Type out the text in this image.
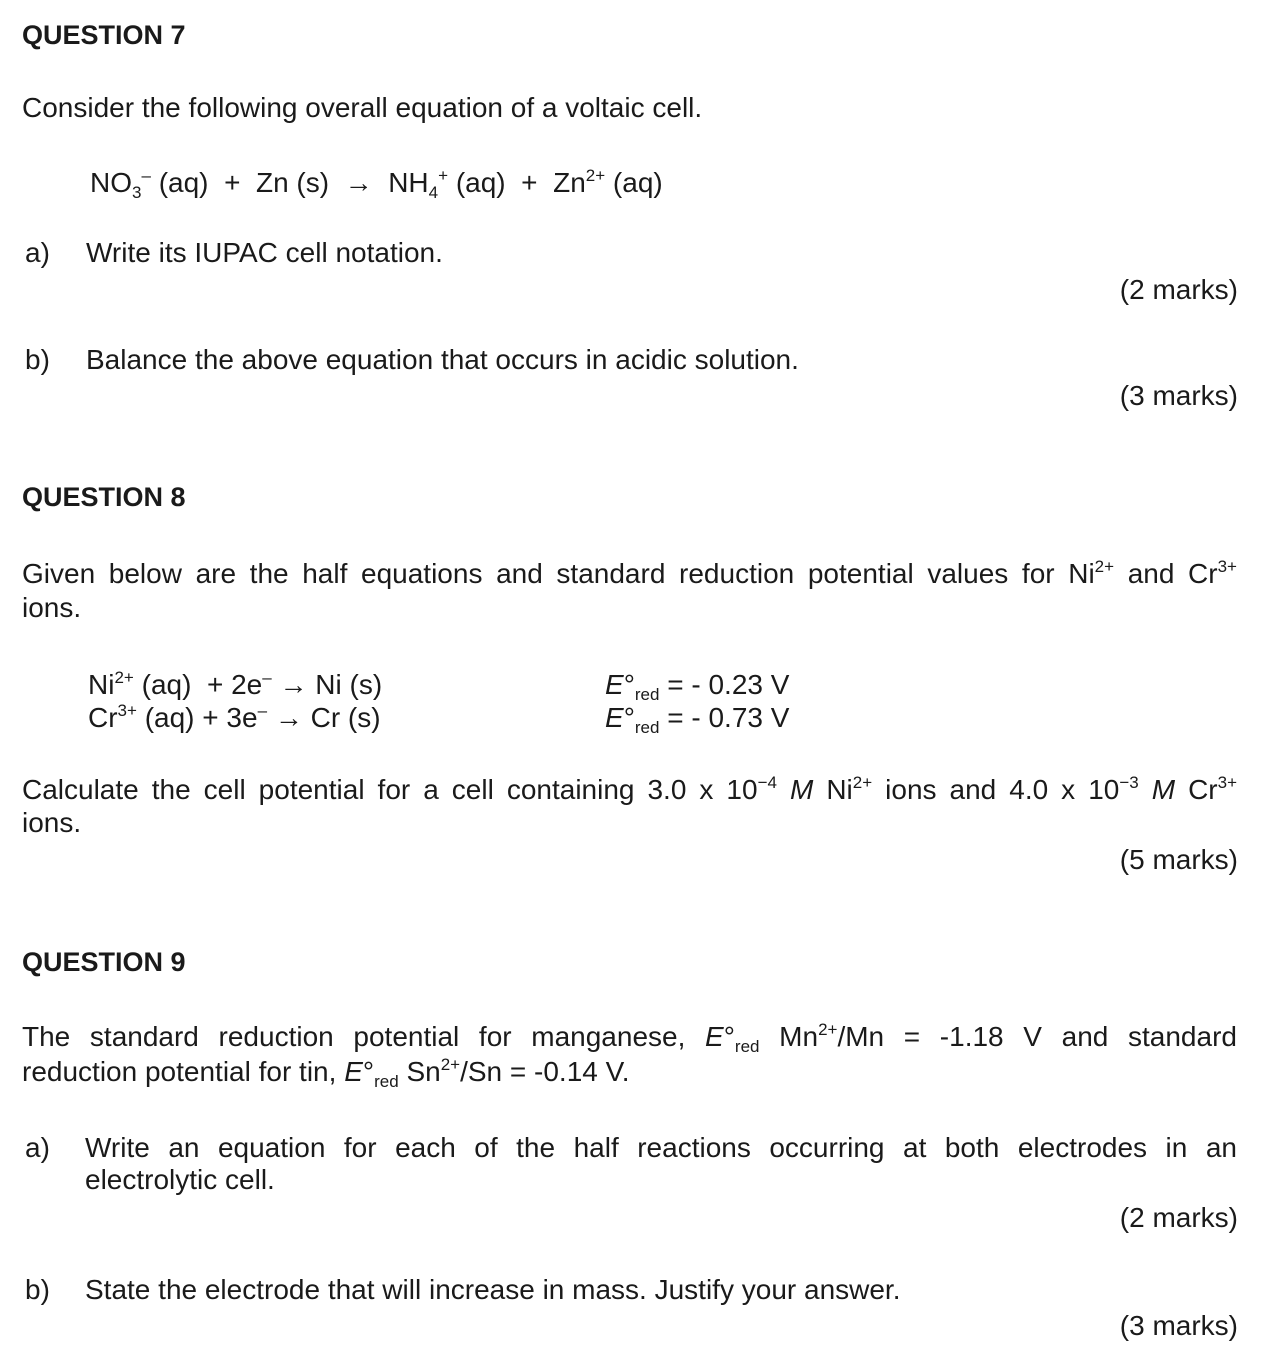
QUESTION 7
Consider the following overall equation of a voltaic cell.
$NO_3^-$ (aq)  +  Zn $(s) \to NH_4^+$ $(aq) + Zn^{2+}$ (aq)
a) Write its IUPAC cell notation.
(2 marks)
b) Balance the above equation that occurs in acidic solution.
(3 marks)
QUESTION 8
Given below are the half equations and standard reduction potential values for $Ni^{2+}$ and $Cr^{3+}$
ions.
$Ni^{2+}$ (aq)  + 2e– → Ni (s)
$Cr^{3+}$ (aq) + 3e– → Cr (s)
$E^\circ_{red}$ = - 0.23 V
$E^\circ_{red}$ = - 0.73 V
Calculate the cell potential for a cell containing 3.0 x $10^{-4}$ M $Ni^{2+}$ ions and 4.0 x $10^{-3}$ M $Cr^{3+}$
ions.
(5 marks)
QUESTION 9
The standard reduction potential for manganese, $E^\circ_{red}$ $Mn^{2+}/Mn = -1.18$ V and standard
reduction potential for tin, $E^\circ_{red}$ $Sn^{2+}/Sn = -0.14$ V.
a) Write an equation for each of the half reactions occurring at both electrodes in an
electrolytic cell.
(2 marks)
b) State the electrode that will increase in mass. Justify your answer.
(3 marks)
